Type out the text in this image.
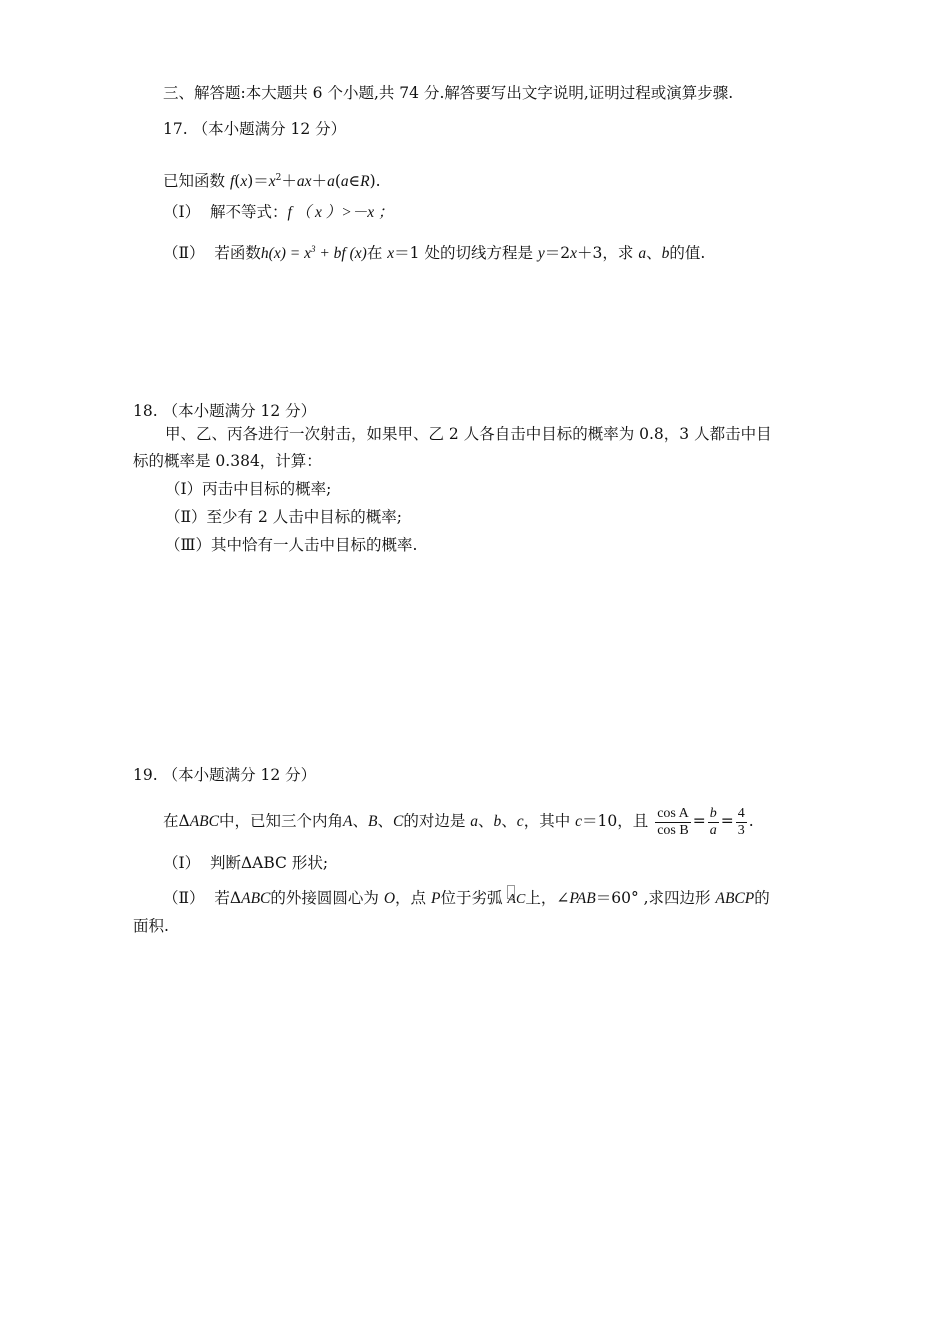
三、解答题:本大题共 6 个小题,共 74 分.解答要写出文字说明,证明过程或演算步骤.
17. （本小题满分 12 分）
已知函数 $f(x)=x^2+ax+a(a\in R)$.
（Ⅰ） 解不等式：f （ x ）>－x ；
（Ⅱ） 若函数$h(x) = x^3$ + bf (x)在 x＝1 处的切线方程是 y＝2x＋3，求 a、b的值.
18. （本小题满分 12 分）
甲、乙、丙各进行一次射击，如果甲、乙 2 人各自击中目标的概率为 0.8，3 人都击中目
标的概率是 0.384，计算：
（Ⅰ）丙击中目标的概率;
（Ⅱ）至少有 2 人击中目标的概率;
（Ⅲ）其中恰有一人击中目标的概率.
19. （本小题满分 12 分）
在ΔABC中，已知三个内角A、B、C的对边是 a、b、c，其中 c＝10，且 $\frac{\text{cos A}}{\text{cos B}} = \frac{b}{a} = \frac{4}{3}$ .
（Ⅰ） 判断ΔABC 形状;
（Ⅱ） 若ΔABC的外接圆圆心为 O，点 P位于劣弧 AC上，∠PAB＝60° ,求四边形 ABCP的
面积.
